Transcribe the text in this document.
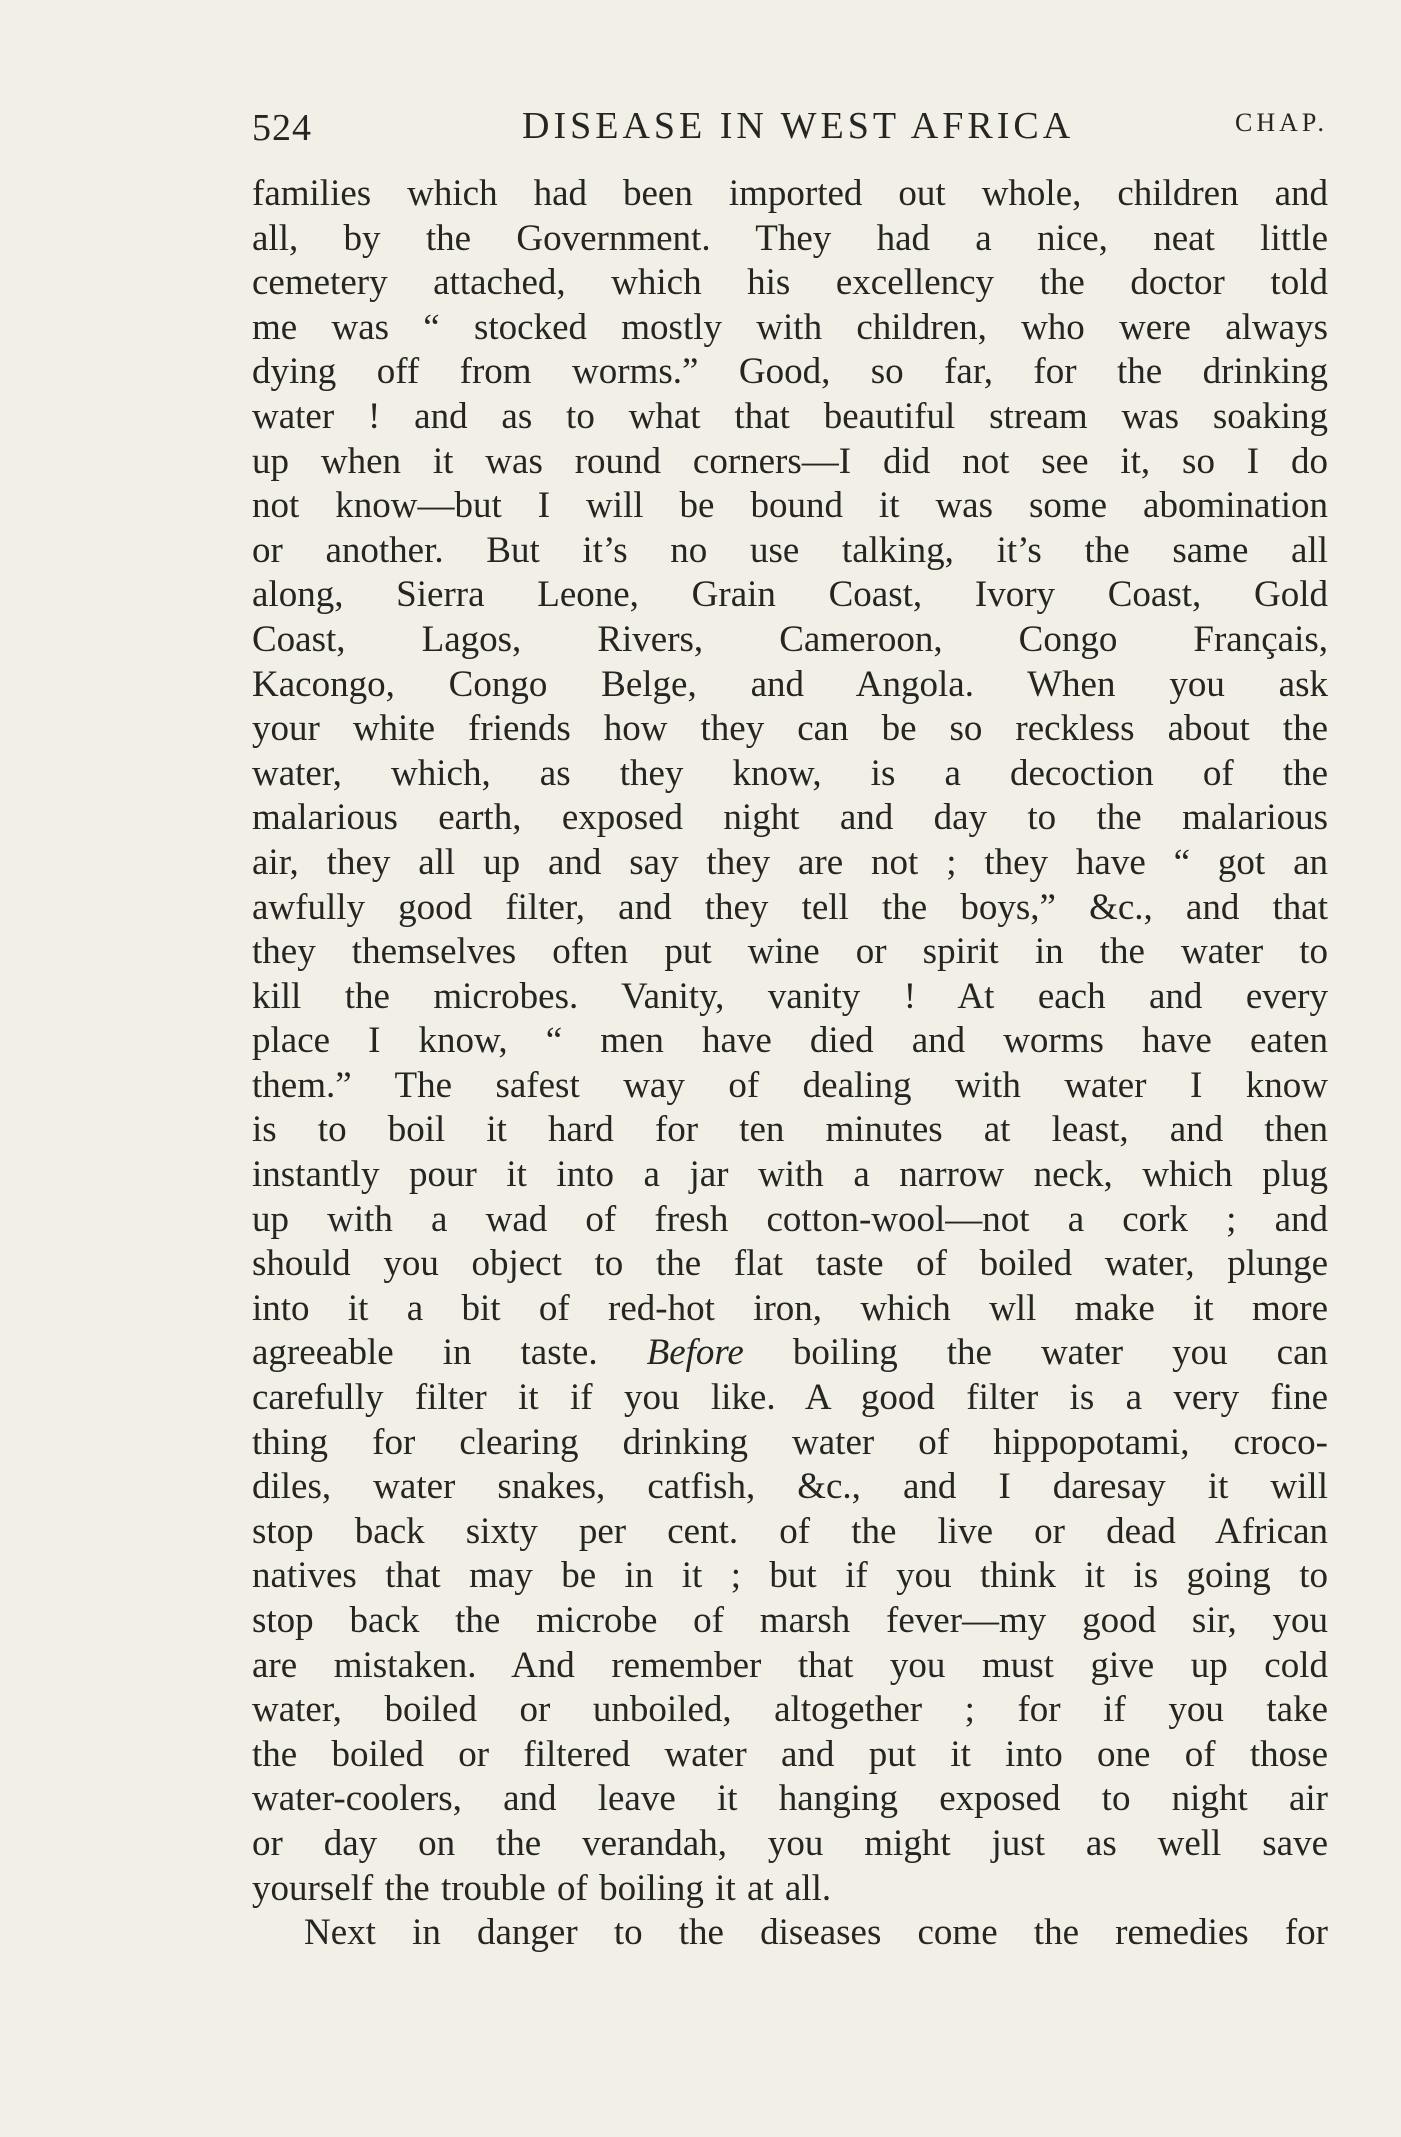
524	DISEASE IN WEST AFRICA	CHAP.
families which had been imported out whole, children and
all, by the Government. They had a nice, neat little
cemetery attached, which his excellency the doctor told
me was “ stocked mostly with children, who were always
dying off from worms.” Good, so far, for the drinking
water ! and as to what that beautiful stream was soaking
up when it was round corners—I did not see it, so I do
not know—but I will be bound it was some abomination
or another. But it’s no use talking, it’s the same all
along, Sierra Leone, Grain Coast, Ivory Coast, Gold
Coast, Lagos, Rivers, Cameroon, Congo Français,
Kacongo, Congo Belge, and Angola. When you ask
your white friends how they can be so reckless about the
water, which, as they know, is a decoction of the
malarious earth, exposed night and day to the malarious
air, they all up and say they are not ; they have “ got an
awfully good filter, and they tell the boys,” &c., and that
they themselves often put wine or spirit in the water to
kill the microbes. Vanity, vanity ! At each and every
place I know, “ men have died and worms have eaten
them.” The safest way of dealing with water I know
is to boil it hard for ten minutes at least, and then
instantly pour it into a jar with a narrow neck, which plug
up with a wad of fresh cotton-wool—not a cork ; and
should you object to the flat taste of boiled water, plunge
into it a bit of red-hot iron, which wll make it more
agreeable in taste. Before boiling the water you can
carefully filter it if you like. A good filter is a very fine
thing for clearing drinking water of hippopotami, croco-
diles, water snakes, catfish, &c., and I daresay it will
stop back sixty per cent. of the live or dead African
natives that may be in it ; but if you think it is going to
stop back the microbe of marsh fever—my good sir, you
are mistaken. And remember that you must give up cold
water, boiled or unboiled, altogether ; for if you take
the boiled or filtered water and put it into one of those
water-coolers, and leave it hanging exposed to night air
or day on the verandah, you might just as well save
yourself the trouble of boiling it at all.
Next in danger to the diseases come the remedies for
